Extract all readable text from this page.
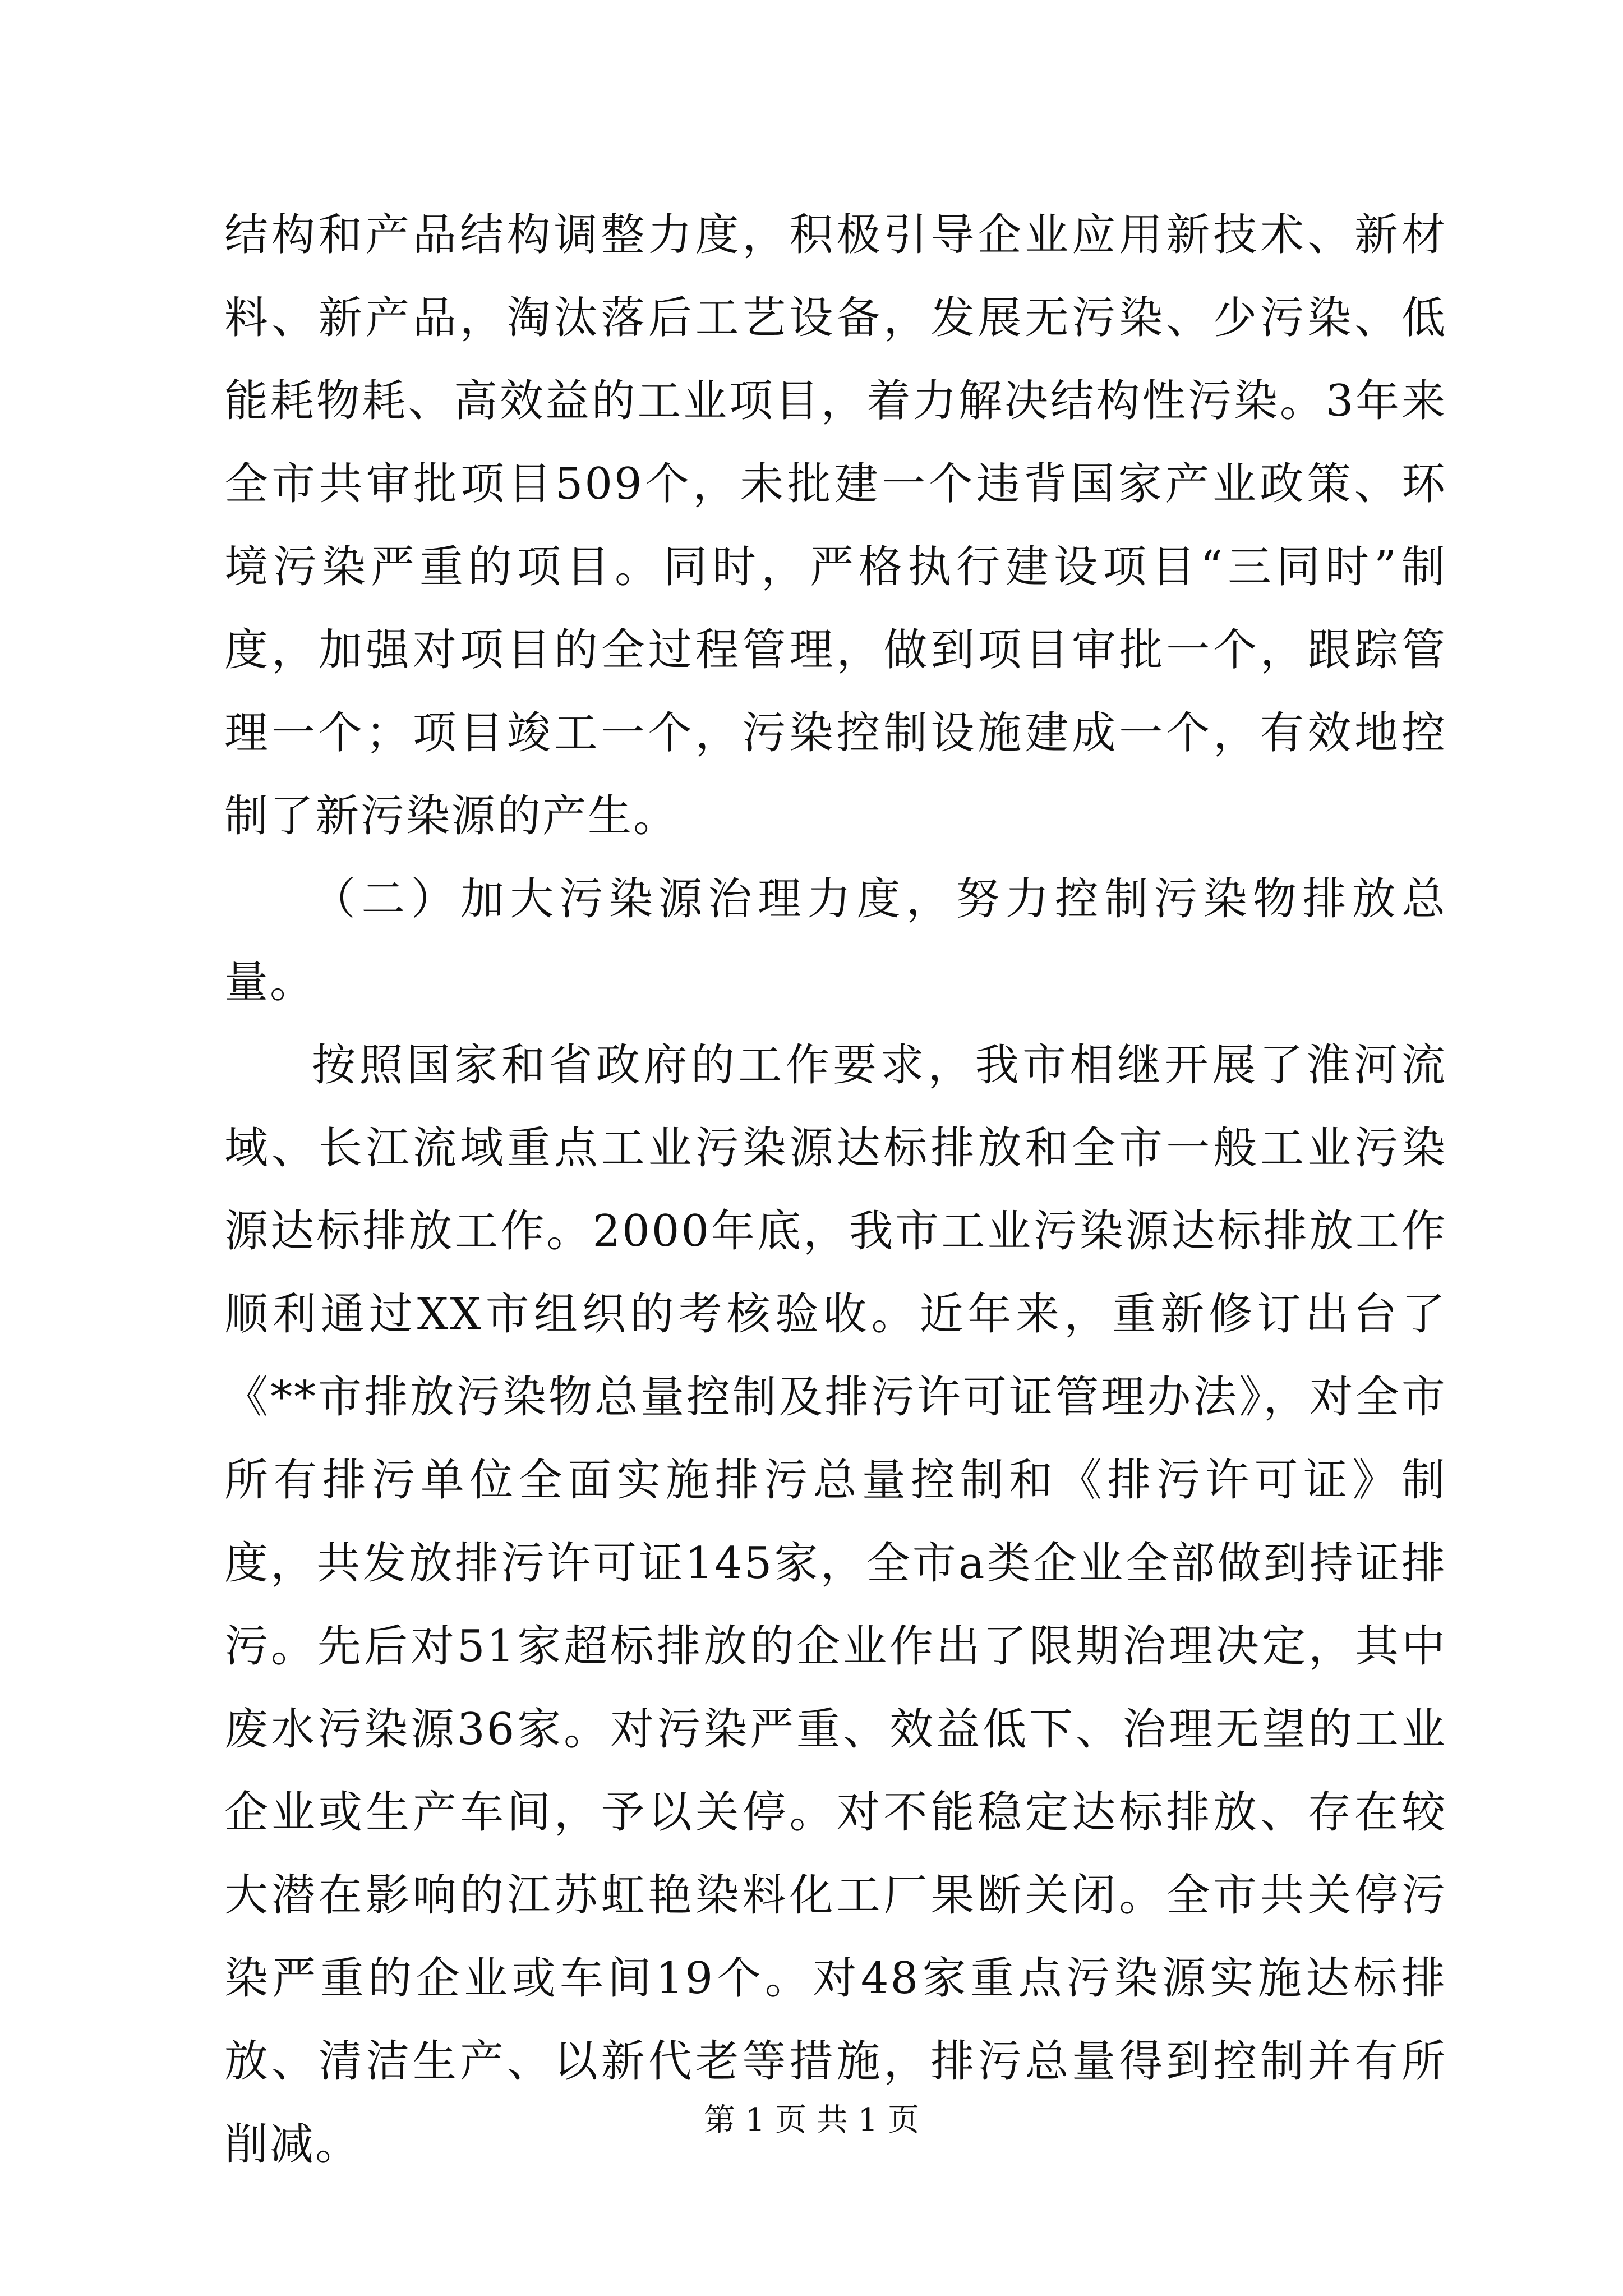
结构和产品结构调整力度，积极引导企业应用新技术、新材料、新产品，淘汰落后工艺设备，发展无污染、少污染、低能耗物耗、高效益的工业项目，着力解决结构性污染。3年来全市共审批项目509个，未批建一个违背国家产业政策、环境污染严重的项目。同时，严格执行建设项目“三同时”制度，加强对项目的全过程管理，做到项目审批一个，跟踪管理一个；项目竣工一个，污染控制设施建成一个，有效地控制了新污染源的产生。

（二）加大污染源治理力度，努力控制污染物排放总量。

按照国家和省政府的工作要求，我市相继开展了淮河流域、长江流域重点工业污染源达标排放和全市一般工业污染源达标排放工作。2000年底，我市工业污染源达标排放工作顺利通过XX市组织的考核验收。近年来，重新修订出台了《**市排放污染物总量控制及排污许可证管理办法》，对全市所有排污单位全面实施排污总量控制和《排污许可证》制度，共发放排污许可证145家，全市a类企业全部做到持证排污。先后对51家超标排放的企业作出了限期治理决定，其中废水污染源36家。对污染严重、效益低下、治理无望的工业企业或生产车间，予以关停。对不能稳定达标排放、存在较大潜在影响的江苏虹艳染料化工厂果断关闭。全市共关停污染严重的企业或车间19个。对48家重点污染源实施达标排放、清洁生产、以新代老等措施，排污总量得到控制并有所削减。	第 1 页 共 1 页
